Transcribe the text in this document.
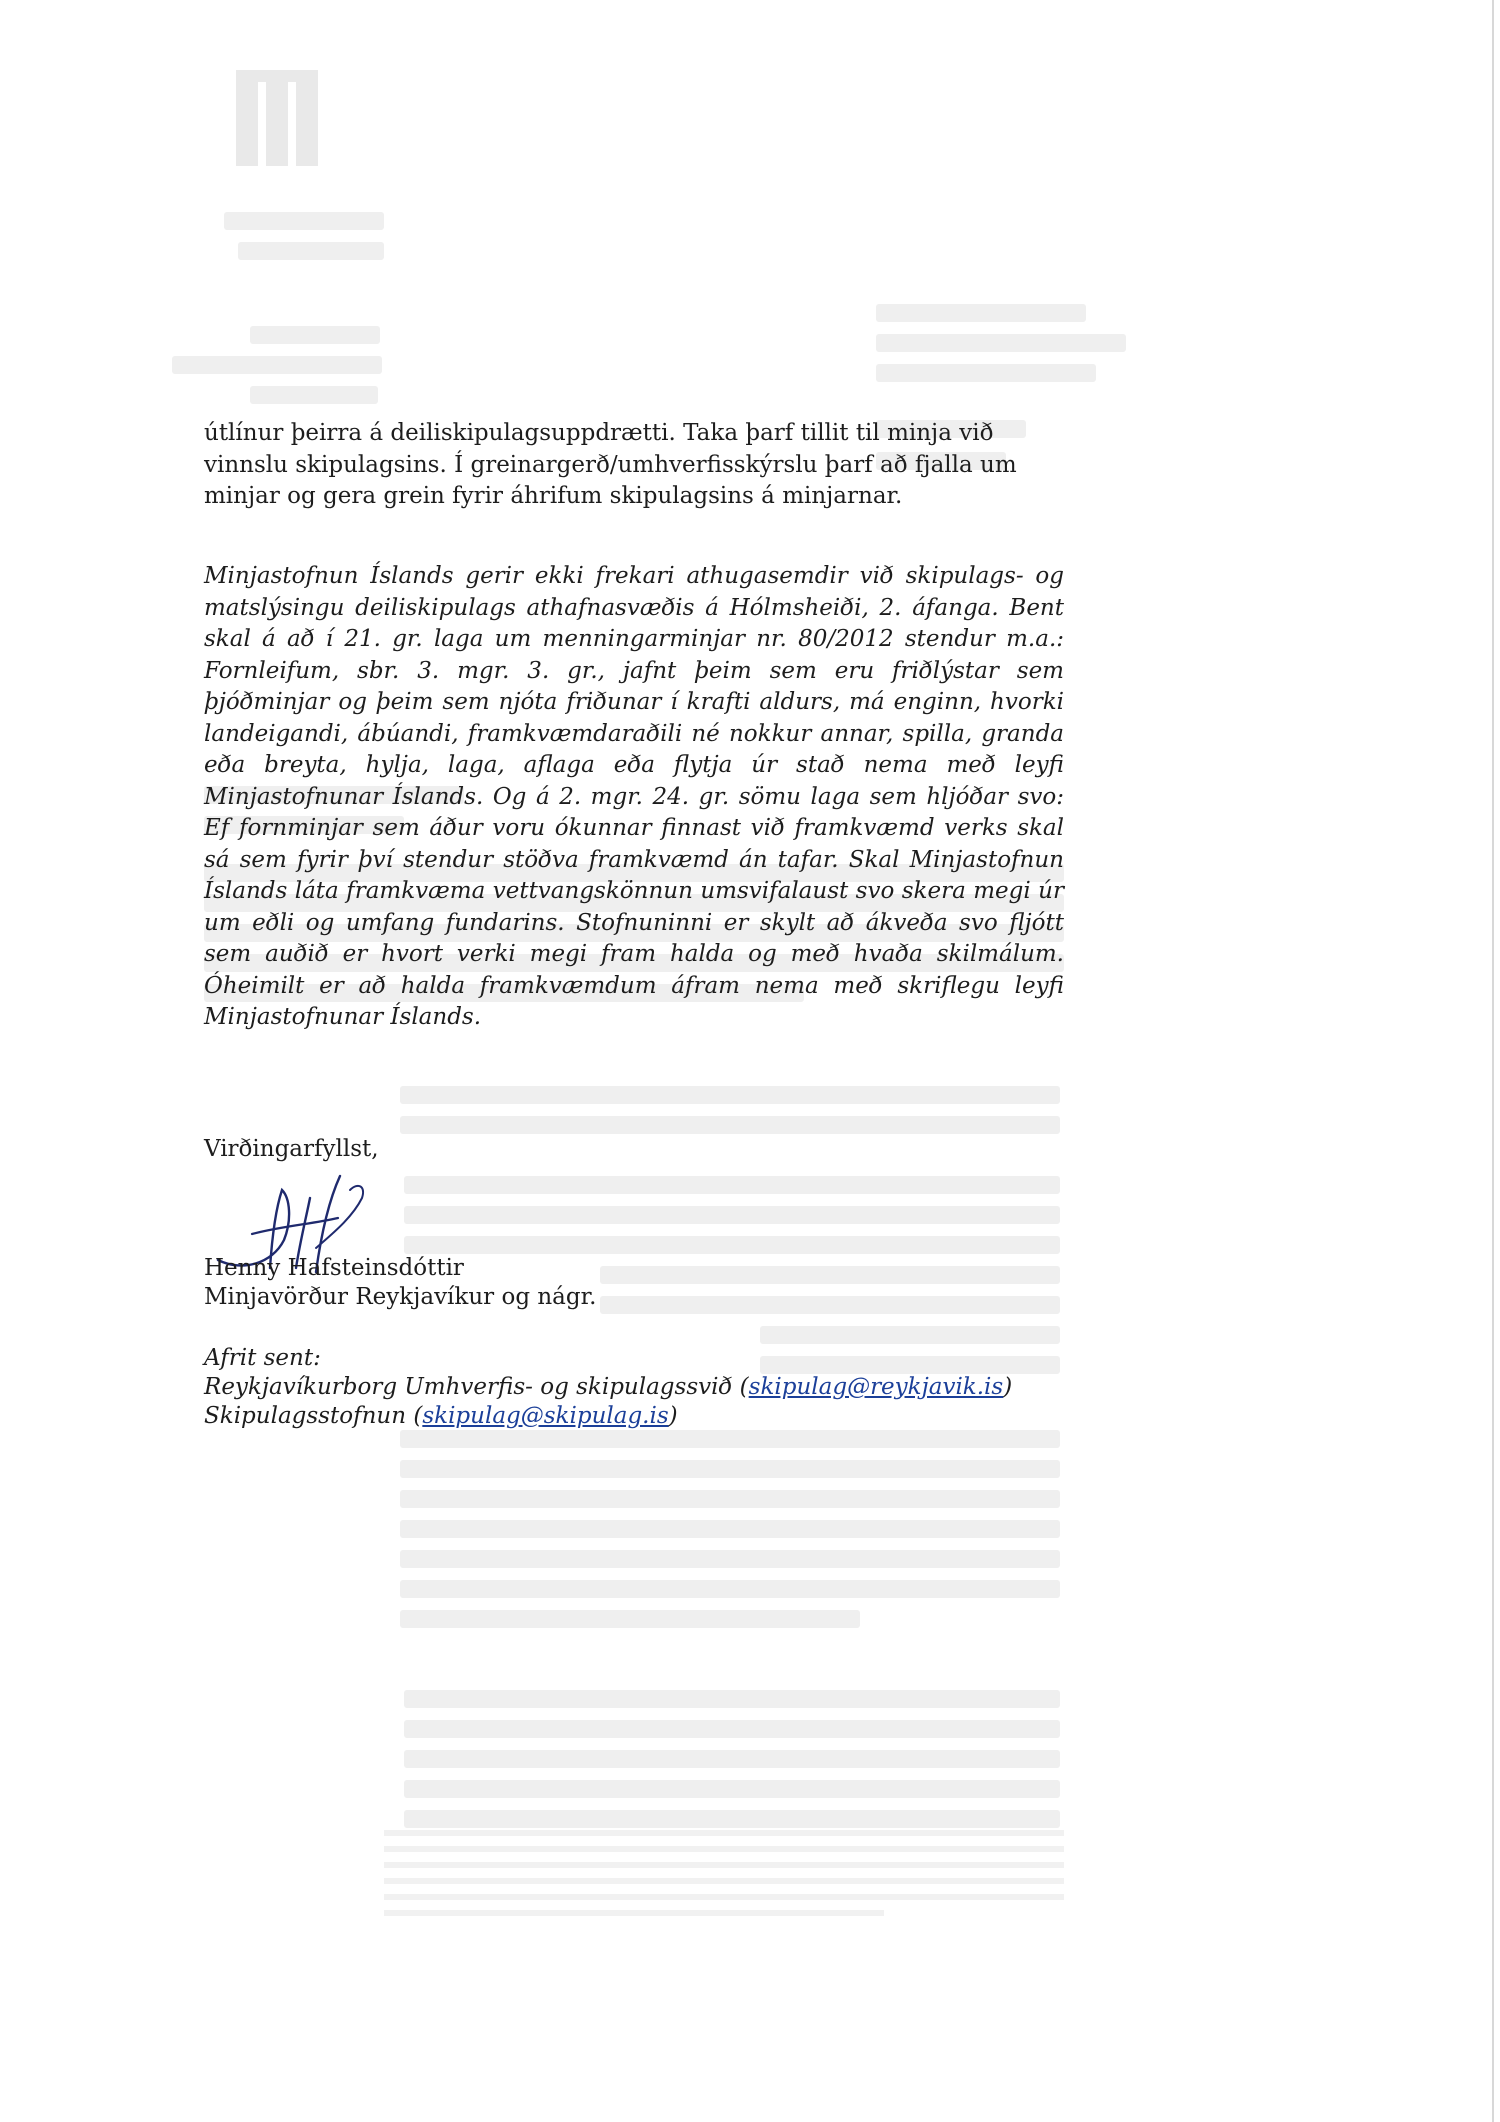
útlínur þeirra á deiliskipulagsuppdrætti. Taka þarf tillit til minja við

vinnslu skipulagsins. Í greinargerð/umhverfisskýrslu þarf að fjalla um

minjar og gera grein fyrir áhrifum skipulagsins á minjarnar.

Minjastofnun Íslands gerir ekki frekari athugasemdir við skipulags- og matslýsingu deiliskipulags athafnasvæðis á Hólmsheiði, 2. áfanga. Bent skal á að í 21. gr. laga um menningarminjar nr. 80/2012 stendur m.a.: Fornleifum, sbr. 3. mgr. 3. gr., jafnt þeim sem eru friðlýstar sem þjóðminjar og þeim sem njóta friðunar í krafti aldurs, má enginn, hvorki landeigandi, ábúandi, framkvæmdaraðili né nokkur annar, spilla, granda eða breyta, hylja, laga, aflaga eða flytja úr stað nema með leyfi Minjastofnunar Íslands. Og á 2. mgr. 24. gr. sömu laga sem hljóðar svo: Ef fornminjar sem áður voru ókunnar finnast við framkvæmd verks skal sá sem fyrir því stendur stöðva framkvæmd án tafar. Skal Minjastofnun Íslands láta framkvæma vettvangskönnun umsvifalaust svo skera megi úr um eðli og umfang fundarins. Stofnuninni er skylt að ákveða svo fljótt sem auðið er hvort verki megi fram halda og með hvaða skilmálum. Óheimilt er að halda framkvæmdum áfram nema með skriflegu leyfi Minjastofnunar Íslands.

Virðingarfyllst,
Henny Hafsteinsdóttir
Minjavörður Reykjavíkur og nágr.
Afrit sent:
Reykjavíkurborg Umhverfis- og skipulagssvið (skipulag@reykjavik.is)
Skipulagsstofnun (skipulag@skipulag.is)
